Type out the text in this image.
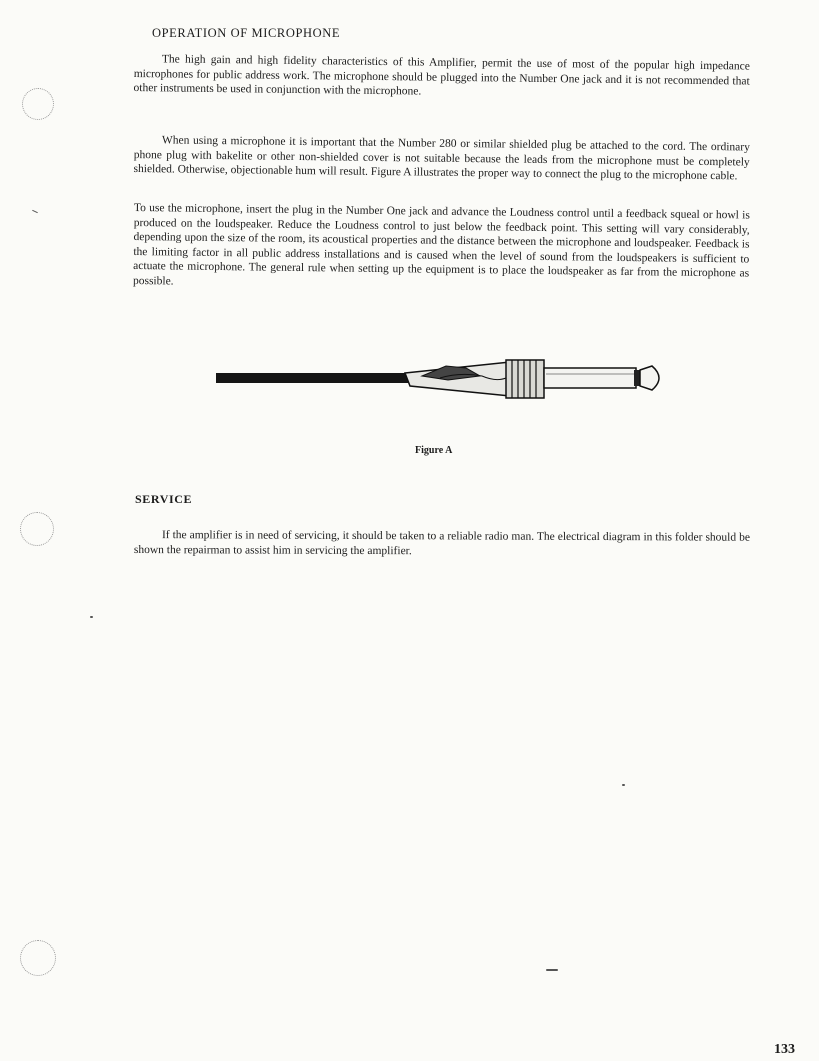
OPERATION OF MICROPHONE

The high gain and high fidelity characteristics of this Amplifier, permit the use of most of the popular high impedance microphones for public address work. The microphone should be plugged into the Number One jack and it is not recommended that other instruments be used in conjunction with the microphone.

When using a microphone it is important that the Number 280 or similar shielded plug be attached to the cord. The ordinary phone plug with bakelite or other non-shielded cover is not suitable because the leads from the microphone must be completely shielded. Otherwise, objectionable hum will result. Figure A illustrates the proper way to connect the plug to the microphone cable.

To use the microphone, insert the plug in the Number One jack and advance the Loudness control until a feedback squeal or howl is produced on the loudspeaker. Reduce the Loudness control to just below the feedback point. This setting will vary considerably, depending upon the size of the room, its acoustical properties and the distance between the microphone and loudspeaker. Feedback is the limiting factor in all public address installations and is caused when the level of sound from the loudspeakers is sufficient to actuate the microphone. The general rule when setting up the equipment is to place the loudspeaker as far from the microphone as possible.

Figure A
SERVICE

If the amplifier is in need of servicing, it should be taken to a reliable radio man. The electrical diagram in this folder should be shown the repairman to assist him in servicing the amplifier.

133
